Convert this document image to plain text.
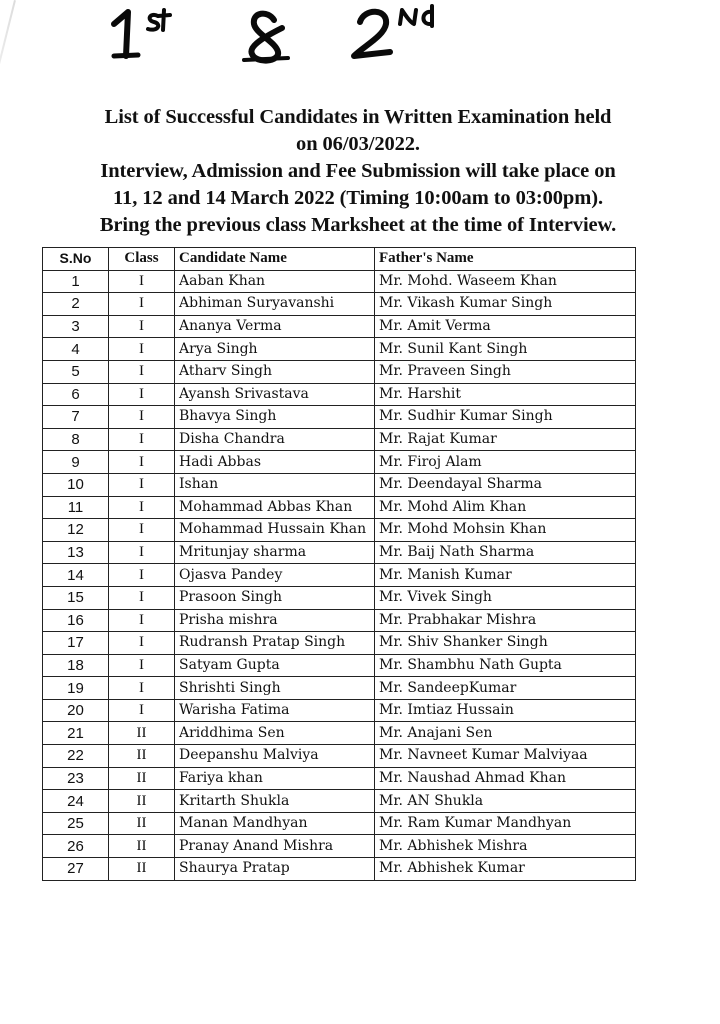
List of Successful Candidates in Written Examination held
on 06/03/2022.
Interview, Admission and Fee Submission will take place on
11, 12 and 14 March 2022 (Timing 10:00am to 03:00pm).
Bring the previous class Marksheet at the time of Interview.
S.No	Class	Candidate Name	Father's Name
1	I	Aaban Khan	Mr. Mohd. Waseem Khan
2	I	Abhiman Suryavanshi	Mr. Vikash Kumar Singh
3	I	Ananya Verma	Mr. Amit Verma
4	I	Arya Singh	Mr. Sunil Kant Singh
5	I	Atharv Singh	Mr. Praveen Singh
6	I	Ayansh Srivastava	Mr. Harshit
7	I	Bhavya Singh	Mr. Sudhir Kumar Singh
8	I	Disha Chandra	Mr. Rajat Kumar
9	I	Hadi Abbas	Mr. Firoj Alam
10	I	Ishan	Mr. Deendayal Sharma
11	I	Mohammad Abbas Khan	Mr. Mohd Alim Khan
12	I	Mohammad Hussain Khan	Mr. Mohd Mohsin Khan
13	I	Mritunjay sharma	Mr. Baij Nath Sharma
14	I	Ojasva Pandey	Mr. Manish Kumar
15	I	Prasoon Singh	Mr. Vivek Singh
16	I	Prisha mishra	Mr. Prabhakar Mishra
17	I	Rudransh Pratap Singh	Mr. Shiv Shanker Singh
18	I	Satyam Gupta	Mr. Shambhu Nath Gupta
19	I	Shrishti Singh	Mr. SandeepKumar
20	I	Warisha Fatima	Mr. Imtiaz Hussain
21	II	Ariddhima Sen	Mr. Anajani Sen
22	II	Deepanshu Malviya	Mr. Navneet Kumar Malviyaa
23	II	Fariya khan	Mr. Naushad Ahmad Khan
24	II	Kritarth Shukla	Mr. AN Shukla
25	II	Manan Mandhyan	Mr. Ram Kumar Mandhyan
26	II	Pranay Anand Mishra	Mr. Abhishek Mishra
27	II	Shaurya Pratap	Mr. Abhishek Kumar
